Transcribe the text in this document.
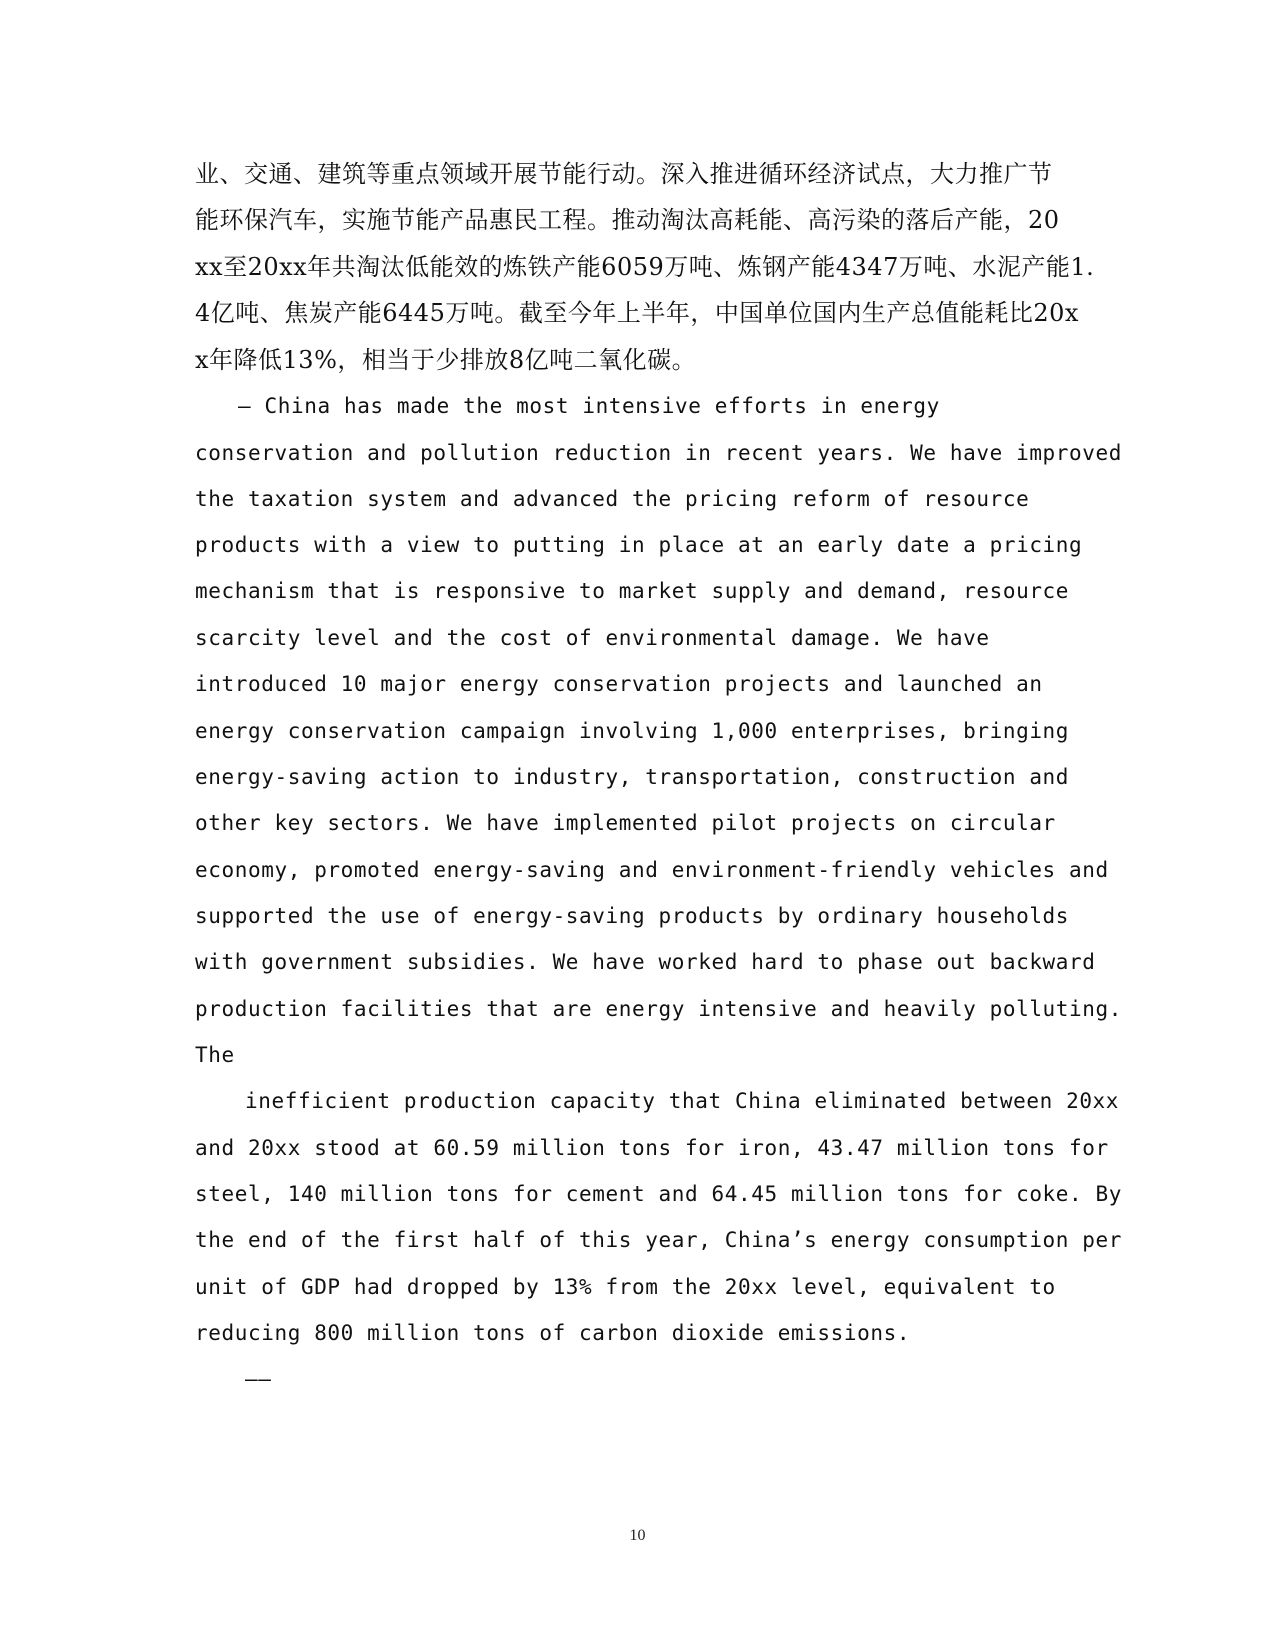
业、交通、建筑等重点领域开展节能行动。深入推进循环经济试点，大力推广节
能环保汽车，实施节能产品惠民工程。推动淘汰高耗能、高污染的落后产能，20
xx至20xx年共淘汰低能效的炼铁产能6059万吨、炼钢产能4347万吨、水泥产能1.
4亿吨、焦炭产能6445万吨。截至今年上半年，中国单位国内生产总值能耗比20x
x年降低13%，相当于少排放8亿吨二氧化碳。
— China has made the most intensive efforts in energy
conservation and pollution reduction in recent years. We have improved
the taxation system and advanced the pricing reform of resource
products with a view to putting in place at an early date a pricing
mechanism that is responsive to market supply and demand, resource
scarcity level and the cost of environmental damage. We have
introduced 10 major energy conservation projects and launched an
energy conservation campaign involving 1,000 enterprises, bringing
energy-saving action to industry, transportation, construction and
other key sectors. We have implemented pilot projects on circular
economy, promoted energy-saving and environment-friendly vehicles and
supported the use of energy-saving products by ordinary households
with government subsidies. We have worked hard to phase out backward
production facilities that are energy intensive and heavily polluting.
The
inefficient production capacity that China eliminated between 20xx
and 20xx stood at 60.59 million tons for iron, 43.47 million tons for
steel, 140 million tons for cement and 64.45 million tons for coke. By
the end of the first half of this year, China’s energy consumption per
unit of GDP had dropped by 13% from the 20xx level, equivalent to
reducing 800 million tons of carbon dioxide emissions.
——
10
